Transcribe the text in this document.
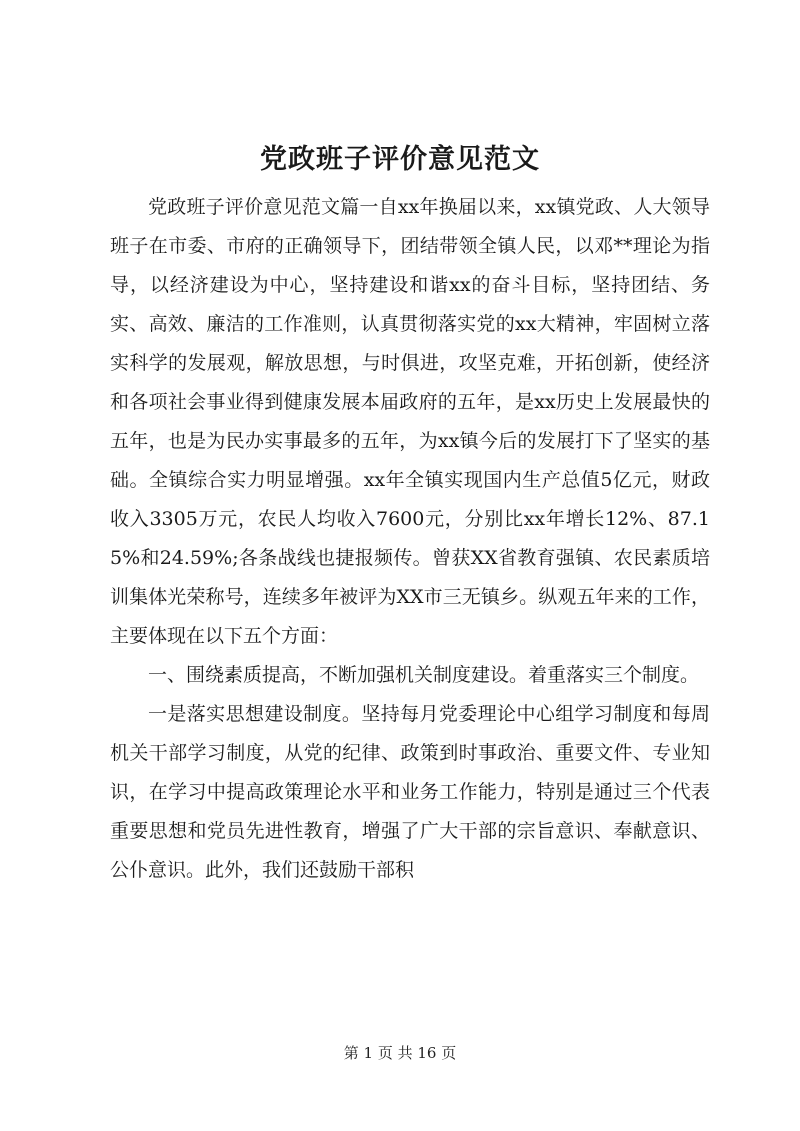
党政班子评价意见范文

党政班子评价意见范文篇一自xx年换届以来，xx镇党政、人大领导班子在市委、市府的正确领导下，团结带领全镇人民，以邓**理论为指导，以经济建设为中心，坚持建设和谐xx的奋斗目标，坚持团结、务实、高效、廉洁的工作准则，认真贯彻落实党的xx大精神，牢固树立落实科学的发展观，解放思想，与时俱进，攻坚克难，开拓创新，使经济和各项社会事业得到健康发展本届政府的五年，是xx历史上发展最快的五年，也是为民办实事最多的五年，为xx镇今后的发展打下了坚实的基础。全镇综合实力明显增强。xx年全镇实现国内生产总值5亿元，财政收入3305万元，农民人均收入7600元，分别比xx年增长12%、87.15%和24.59%;各条战线也捷报频传。曾获XX省教育强镇、农民素质培训集体光荣称号，连续多年被评为XX市三无镇乡。纵观五年来的工作，主要体现在以下五个方面：

一、围绕素质提高，不断加强机关制度建设。着重落实三个制度。

一是落实思想建设制度。坚持每月党委理论中心组学习制度和每周机关干部学习制度，从党的纪律、政策到时事政治、重要文件、专业知识，在学习中提高政策理论水平和业务工作能力，特别是通过三个代表重要思想和党员先进性教育，增强了广大干部的宗旨意识、奉献意识、公仆意识。此外，我们还鼓励干部积

第 1 页 共 16 页
